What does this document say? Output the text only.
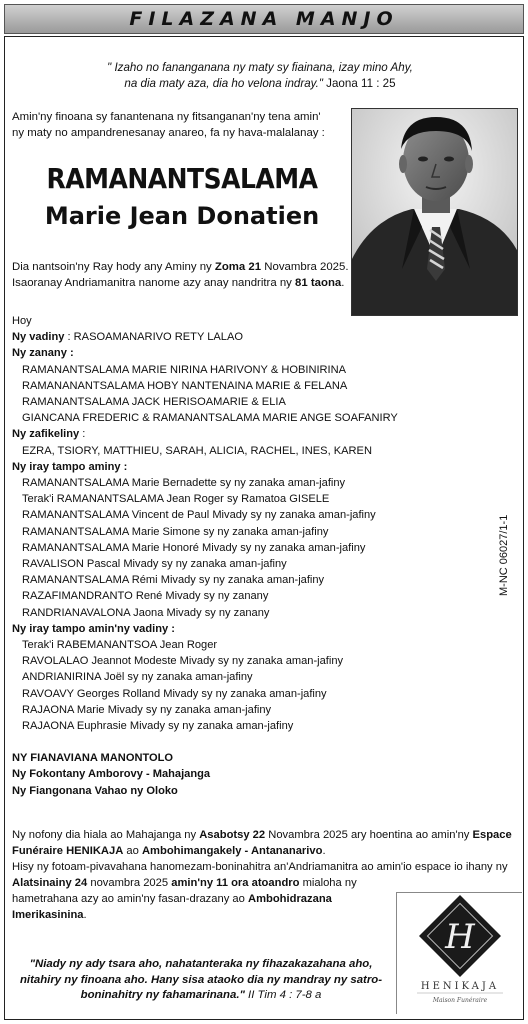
FILAZANA MANJO
" Izaho no fananganana ny maty sy fiainana, izay mino Ahy,
na dia maty aza, dia ho velona indray." Jaona 11 : 25
Amin'ny finoana sy fanantenana ny fitsanganan'ny tena amin'
ny maty no ampandrenesanay anareo, fa ny hava-malalanay :
RAMANANTSALAMA
Marie Jean Donatien
Dia nantsoin'ny Ray hody any Aminy ny Zoma 21 Novambra 2025. Isaoranay Andriamanitra nanome azy anay nandritra ny 81 taona.
Hoy
Ny vadiny : RASOAMANARIVO RETY LALAO
Ny zanany :
RAMANANTSALAMA MARIE NIRINA HARIVONY & HOBINIRINA
RAMANANANTSALAMA HOBY NANTENAINA MARIE & FELANA
RAMANANTSALAMA JACK HERISOAMARIE & ELIA
GIANCANA FREDERIC & RAMANANTSALAMA MARIE ANGE SOAFANIRY
Ny zafikeliny :
EZRA, TSIORY, MATTHIEU, SARAH, ALICIA, RACHEL, INES, KAREN
Ny iray tampo aminy :
RAMANANTSALAMA Marie Bernadette sy ny zanaka aman-jafiny
Terak'i RAMANANTSALAMA Jean Roger sy Ramatoa GISELE
RAMANANTSALAMA Vincent de Paul Mivady sy ny zanaka aman-jafiny
RAMANANTSALAMA Marie Simone sy ny zanaka aman-jafiny
RAMANANTSALAMA Marie Honoré Mivady sy ny zanaka aman-jafiny
RAVALISON Pascal Mivady sy ny zanaka aman-jafiny
RAMANANTSALAMA Rémi Mivady sy ny zanaka aman-jafiny
RAZAFIMANDRANTO René Mivady sy ny zanany
RANDRIANAVALONA Jaona Mivady sy ny zanany
Ny iray tampo amin'ny vadiny :
Terak'i RABEMANANTSOA Jean Roger
RAVOLALAO Jeannot Modeste Mivady sy ny zanaka aman-jafiny
ANDRIANIRINA Joël sy ny zanaka aman-jafiny
RAVOAVY Georges Rolland Mivady sy ny zanaka aman-jafiny
RAJAONA Marie Mivady sy ny zanaka aman-jafiny
RAJAONA Euphrasie Mivady sy ny zanaka aman-jafiny
NY FIANAVIANA MANONTOLO
Ny Fokontany Amborovy - Mahajanga
Ny Fiangonana Vahao ny Oloko
M-NC 06027/1-1

Ny nofony dia hiala ao Mahajanga ny Asabotsy 22 Novambra 2025 ary hoentina ao amin'ny Espace Funéraire HENIKAJA ao Ambohimangakely - Antananarivo.

Hisy ny fotoam-pivavahana hanomezam-boninahitra an'Andriamanitra ao amin'io espace io ihany ny

Alatsinainy 24 novambra 2025 amin'ny 11 ora atoandro mialoha ny hametrahana azy ao amin'ny fasan-drazany ao Ambohidrazana Imerikasinina.

H
HENIKAJA
Maison Funéraire
"Niady ny ady tsara aho, nahatanteraka ny fihazakazahana aho,
nitahiry ny finoana aho. Hany sisa ataoko dia ny mandray ny satro-
boninahitry ny fahamarinana." II Tim 4 : 7-8 a
